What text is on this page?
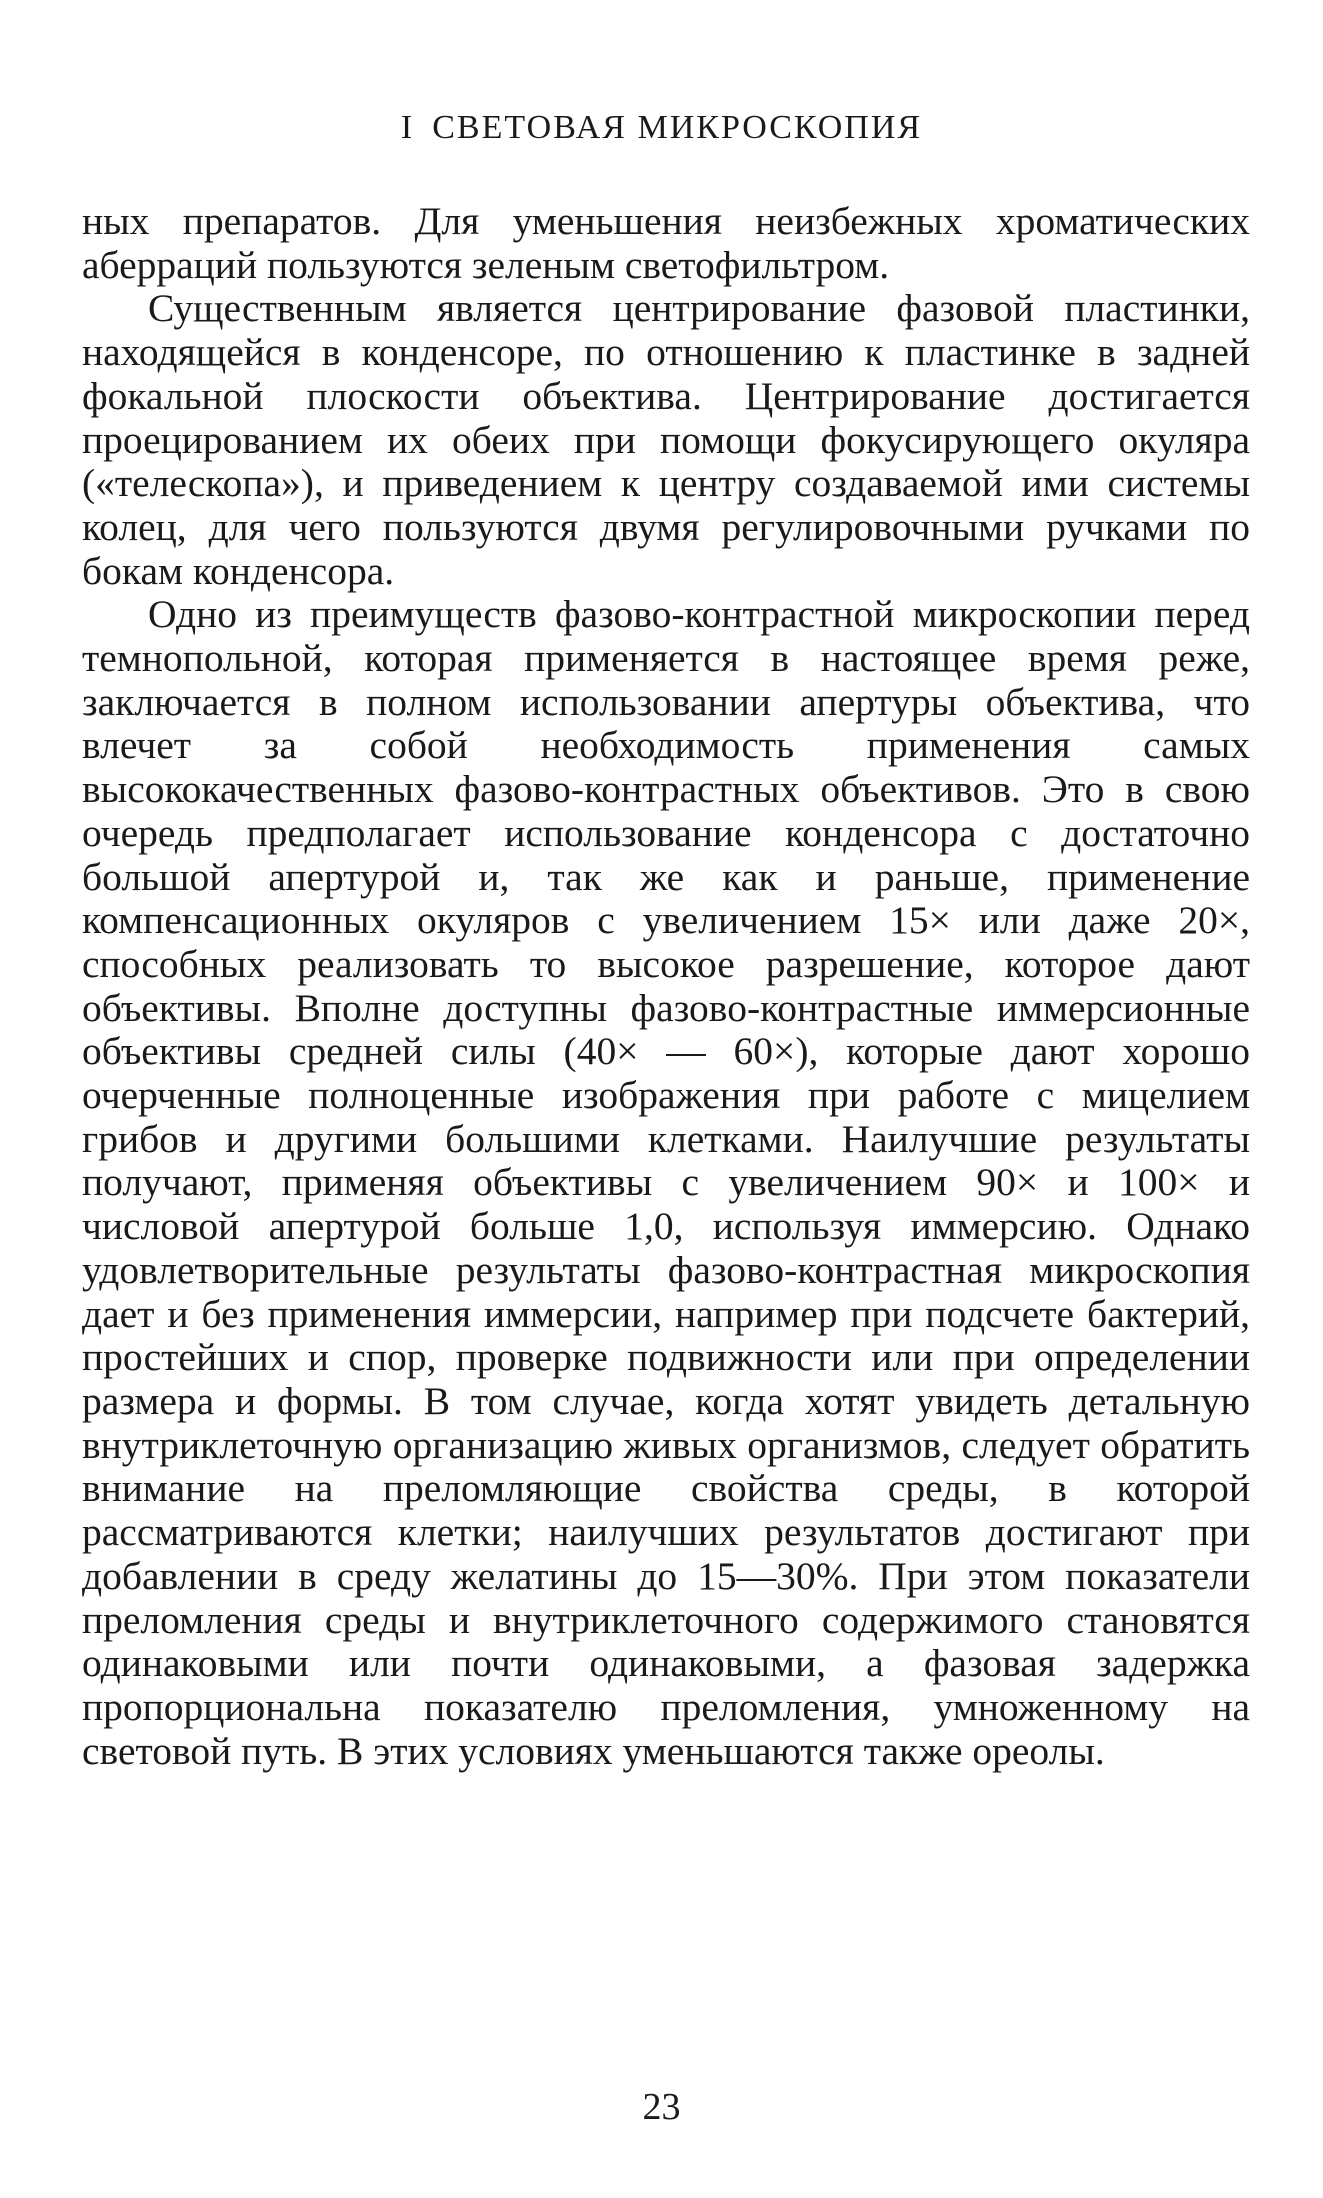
I СВЕТОВАЯ МИКРОСКОПИЯ

ных препаратов. Для уменьшения неизбежных хроматических аберраций пользуются зеленым светофильтром.

Существенным является центрирование фазовой пластинки, находящейся в конденсоре, по отношению к пластинке в задней фокальной плоскости объектива. Центрирование достигается проецированием их обеих при помощи фокусирующего окуляра («телескопа»), и приведением к центру создаваемой ими системы колец, для чего пользуются двумя регулировочными ручками по бокам конденсора.

Одно из преимуществ фазово-контрастной микроскопии перед темнопольной, которая применяется в настоящее время реже, заключается в полном использовании апертуры объектива, что влечет за собой необходимость применения самых высококачественных фазово-контрастных объективов. Это в свою очередь предполагает использование конденсора с достаточно большой апертурой и, так же как и раньше, применение компенсационных окуляров с увеличением 15× или даже 20×, способных реализовать то высокое разрешение, которое дают объективы. Вполне доступны фазово-контрастные иммерсионные объективы средней силы (40× — 60×), которые дают хорошо очерченные полноценные изображения при работе с мицелием грибов и другими большими клетками. Наилучшие результаты получают, применяя объективы с увеличением 90× и 100× и числовой апертурой больше 1,0, используя иммерсию. Однако удовлетворительные результаты фазово-контрастная микроскопия дает и без применения иммерсии, например при подсчете бактерий, простейших и спор, проверке подвижности или при определении размера и формы. В том случае, когда хотят увидеть детальную внутриклеточную организацию живых организмов, следует обратить внимание на преломляющие свойства среды, в которой рассматриваются клетки; наилучших результатов достигают при добавлении в среду желатины до 15—30%. При этом показатели преломления среды и внутриклеточного содержимого становятся одинаковыми или почти одинаковыми, а фазовая задержка пропорциональна показателю преломления, умноженному на световой путь. В этих условиях уменьшаются также ореолы.

23
